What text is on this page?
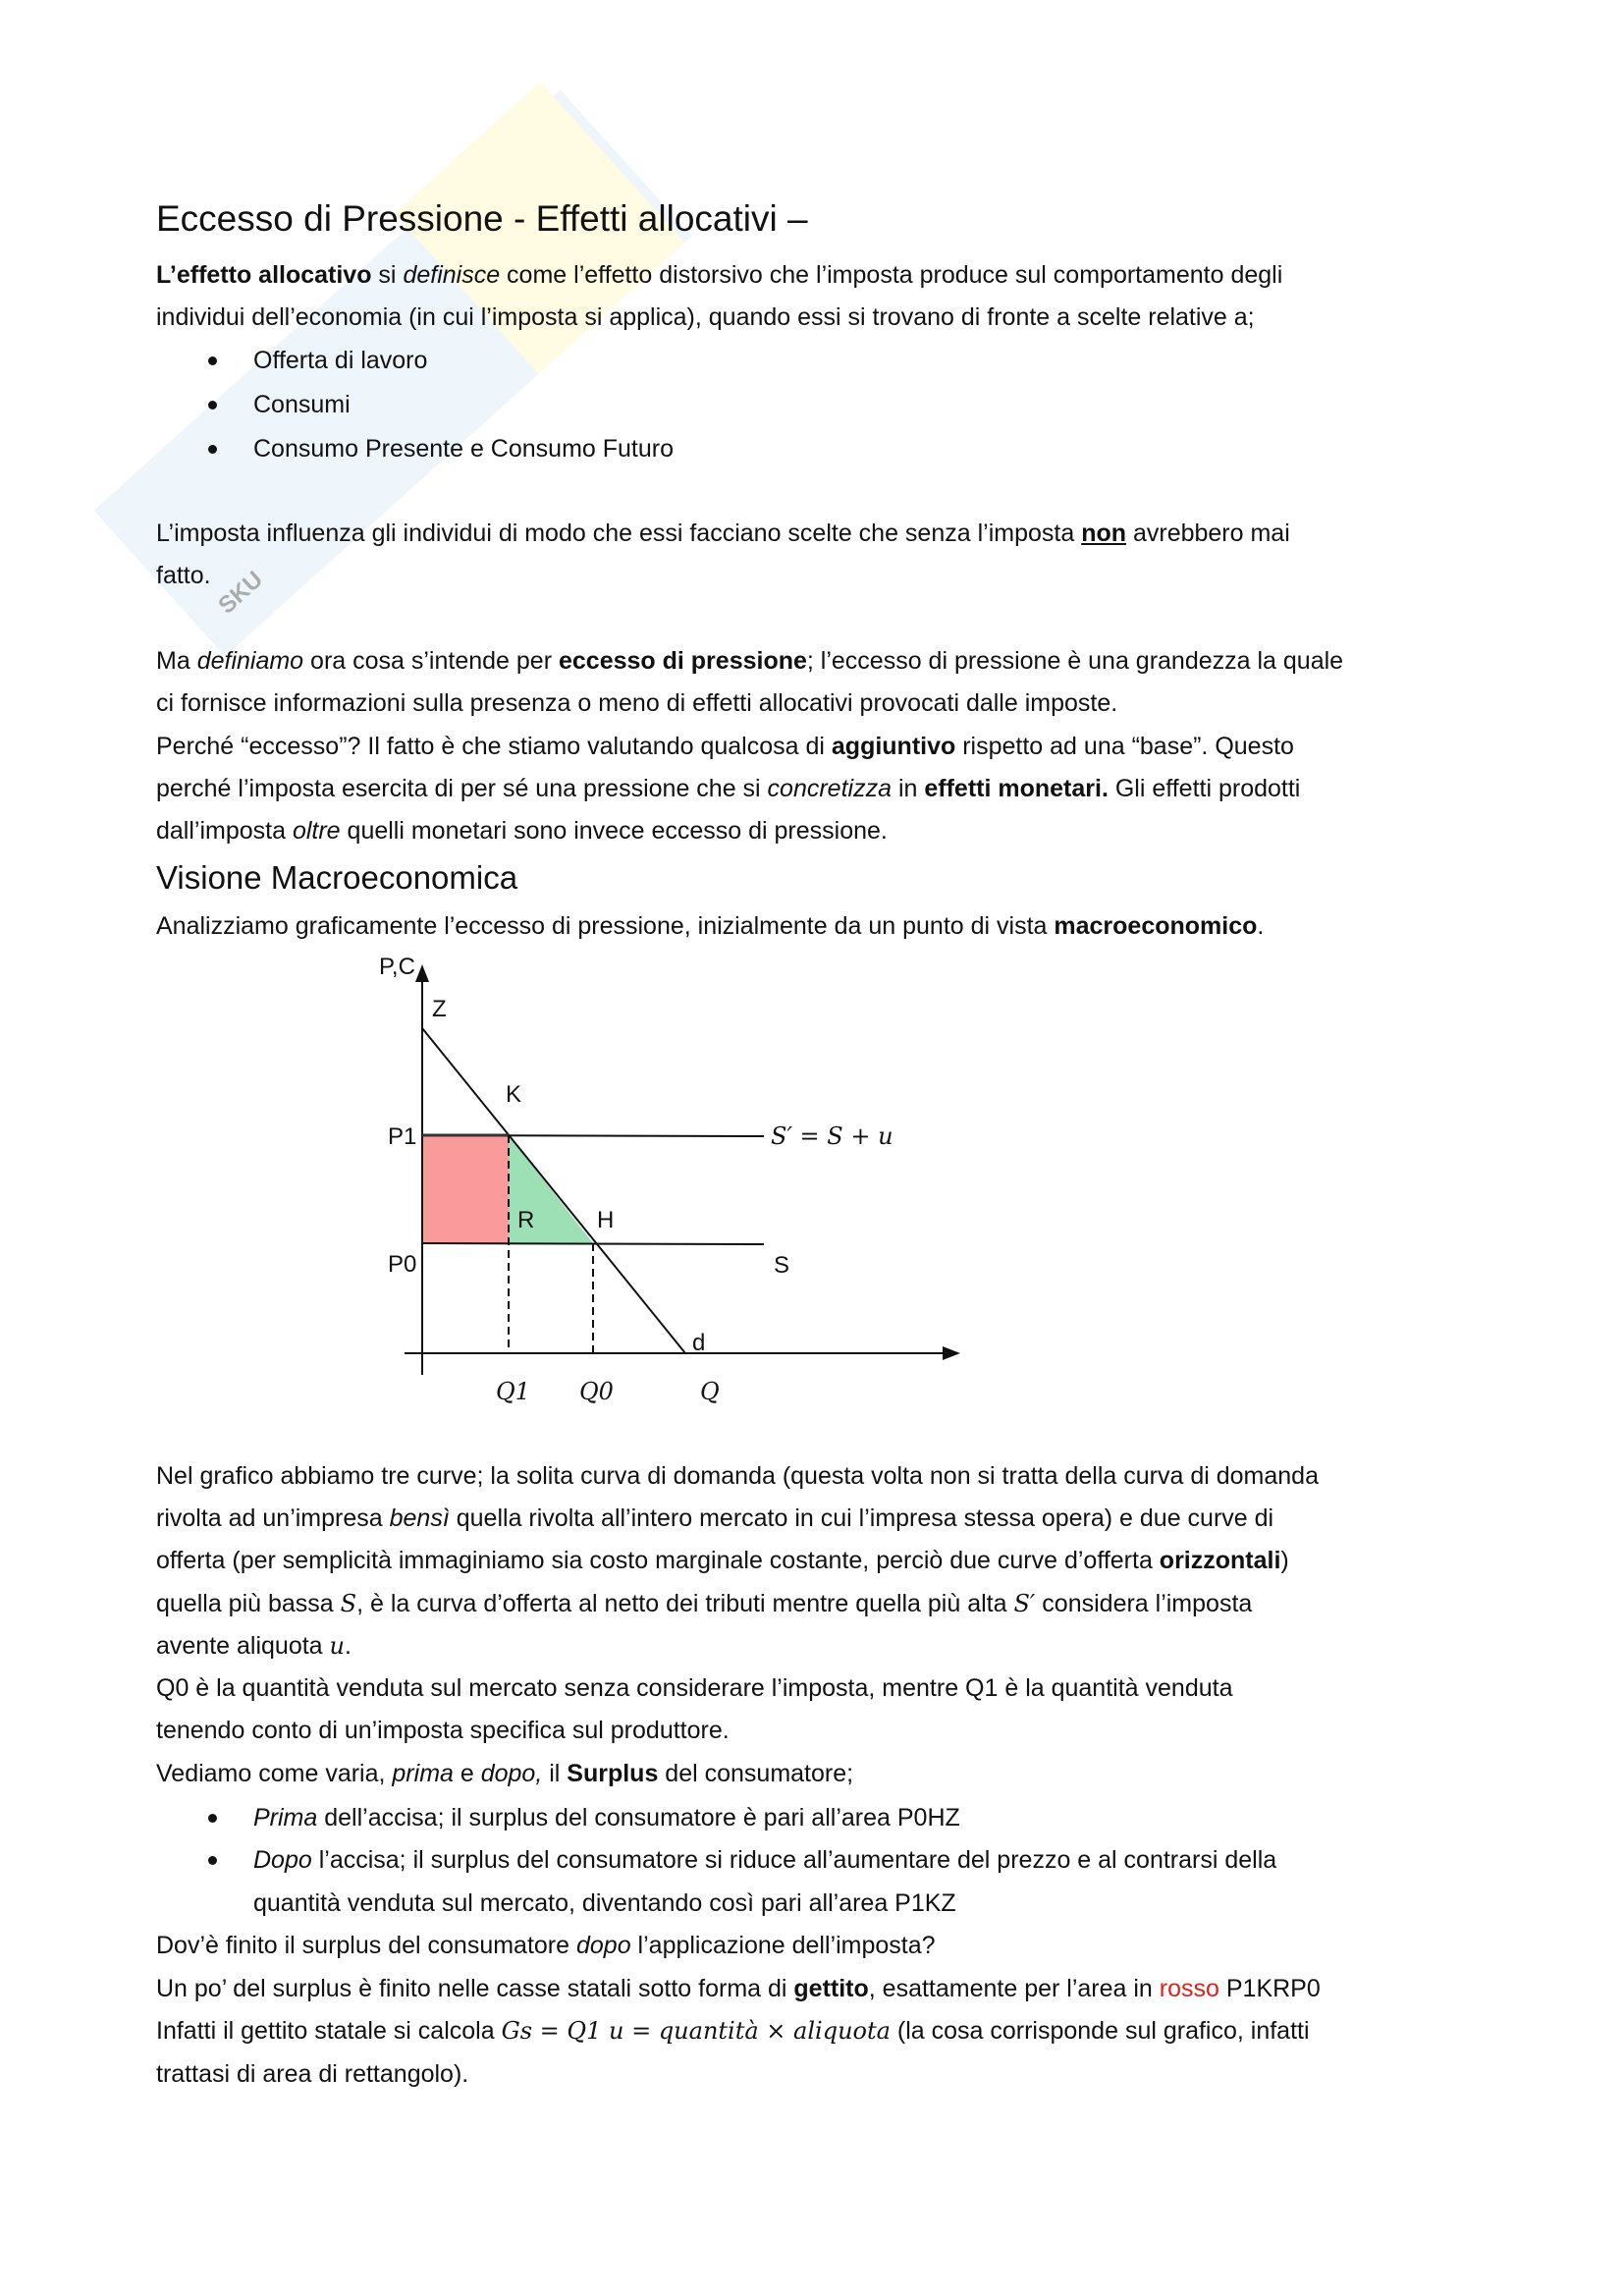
SKU
Eccesso di Pressione - Effetti allocativi –
L’effetto allocativo si definisce come l’effetto distorsivo che l’imposta produce sul comportamento degli
individui dell’economia (in cui l’imposta si applica), quando essi si trovano di fronte a scelte relative a;
Offerta di lavoro
Consumi
Consumo Presente e Consumo Futuro
L’imposta influenza gli individui di modo che essi facciano scelte che senza l’imposta non avrebbero mai
fatto.
Ma definiamo ora cosa s’intende per eccesso di pressione; l’eccesso di pressione è una grandezza la quale
ci fornisce informazioni sulla presenza o meno di effetti allocativi provocati dalle imposte.
Perché “eccesso”? Il fatto è che stiamo valutando qualcosa di aggiuntivo rispetto ad una “base”. Questo
perché l’imposta esercita di per sé una pressione che si concretizza in effetti monetari. Gli effetti prodotti
dall’imposta oltre quelli monetari sono invece eccesso di pressione.
Visione Macroeconomica
Analizziamo graficamente l’eccesso di pressione, inizialmente da un punto di vista macroeconomico.
Nel grafico abbiamo tre curve; la solita curva di domanda (questa volta non si tratta della curva di domanda
rivolta ad un’impresa bensì quella rivolta all’intero mercato in cui l’impresa stessa opera) e due curve di
offerta (per semplicità immaginiamo sia costo marginale costante, perciò due curve d’offerta orizzontali)
quella più bassa S, è la curva d’offerta al netto dei tributi mentre quella più alta S′ considera l’imposta
avente aliquota u.
Q0 è la quantità venduta sul mercato senza considerare l’imposta, mentre Q1 è la quantità venduta
tenendo conto di un’imposta specifica sul produttore.
Vediamo come varia, prima e dopo, il Surplus del consumatore;
Prima dell’accisa; il surplus del consumatore è pari all’area P0HZ
Dopo l’accisa; il surplus del consumatore si riduce all’aumentare del prezzo e al contrarsi della
quantità venduta sul mercato, diventando così pari all’area P1KZ
Dov’è finito il surplus del consumatore dopo l’applicazione dell’imposta?
Un po’ del surplus è finito nelle casse statali sotto forma di gettito, esattamente per l’area in rosso P1KRP0
Infatti il gettito statale si calcola Gs = Q1 u = quantità × aliquota (la cosa corrisponde sul grafico, infatti
trattasi di area di rettangolo).
P,C
Z
K
R	H
d
P1
P0
Q1 Q0	Q
S′ = S + u
S
